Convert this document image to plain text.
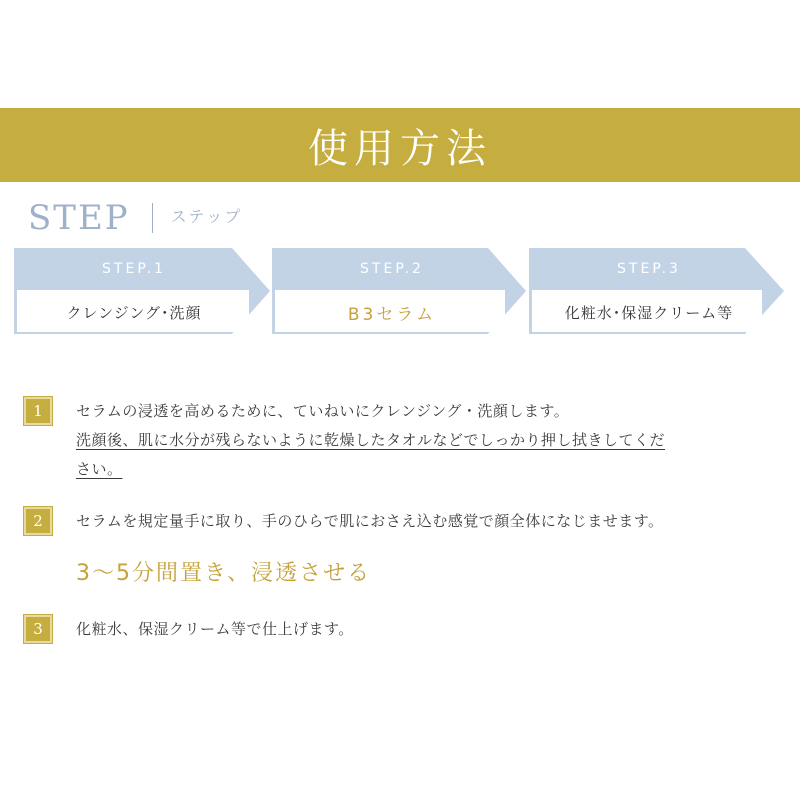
使用方法
STEP	ステップ
STEP.1
クレンジング･洗顔
STEP.2
B3セラム
STEP.3
化粧水･保湿クリーム等
1	セラムの浸透を高めるために、ていねいにクレンジング・洗顔します。

洗顔後、肌に水分が残らないように乾燥したタオルなどでしっかり押し拭きしてくだ

さい。

2	セラムを規定量手に取り、手のひらで肌におさえ込む感覚で顔全体になじませます。

3〜5分間置き、浸透させる
3	化粧水、保湿クリーム等で仕上げます。
